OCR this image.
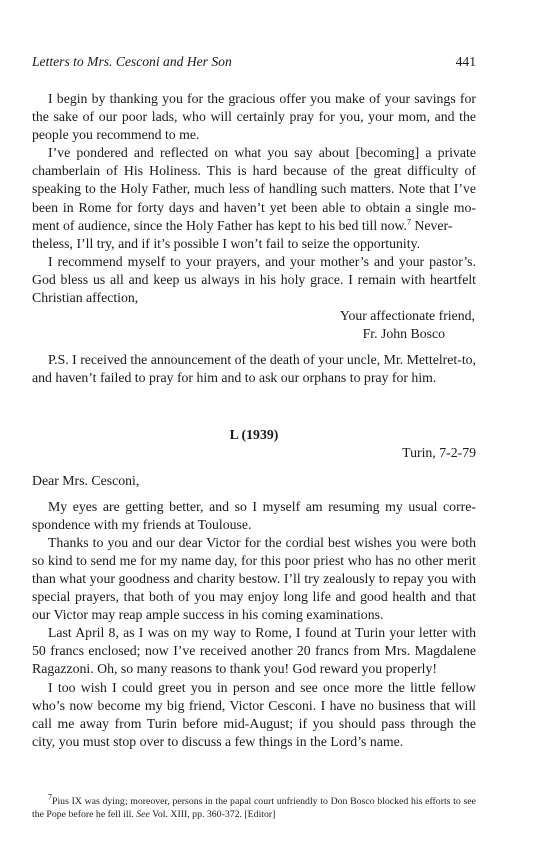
Letters to Mrs. Cesconi and Her Son	441

I begin by thanking you for the gracious offer you make of your savings for the sake of our poor lads, who will certainly pray for you, your mom, and the people you recommend to me.

I’ve pondered and reflected on what you say about [becoming] a private chamberlain of His Holiness. This is hard because of the great difficulty of speaking to the Holy Father, much less of handling such matters. Note that I’ve been in Rome for forty days and haven’t yet been able to obtain a single mo-ment of audience, since the Holy Father has kept to his bed till now.$^7$ Never-

theless, I’ll try, and if it’s possible I won’t fail to seize the opportunity.

I recommend myself to your prayers, and your mother’s and your pastor’s. God bless us all and keep us always in his holy grace. I remain with heartfelt Christian affection,

Your affectionate friend,
Fr. John Bosco

P.S. I received the announcement of the death of your uncle, Mr. Mettelret-to, and haven’t failed to pray for him and to ask our orphans to pray for him.

L (1939)
Turin, 7-2-79

Dear Mrs. Cesconi,

My eyes are getting better, and so I myself am resuming my usual corre-spondence with my friends at Toulouse.

Thanks to you and our dear Victor for the cordial best wishes you were both so kind to send me for my name day, for this poor priest who has no other merit than what your goodness and charity bestow. I’ll try zealously to repay you with special prayers, that both of you may enjoy long life and good health and that our Victor may reap ample success in his coming examinations.

Last April 8, as I was on my way to Rome, I found at Turin your letter with 50 francs enclosed; now I’ve received another 20 francs from Mrs. Magdalene Ragazzoni. Oh, so many reasons to thank you! God reward you properly!

I too wish I could greet you in person and see once more the little fellow who’s now become my big friend, Victor Cesconi. I have no business that will call me away from Turin before mid-August; if you should pass through the city, you must stop over to discuss a few things in the Lord’s name.

$^7$Pius IX was dying; moreover, persons in the papal court unfriendly to Don Bosco blocked his efforts to see the Pope before he fell ill. See Vol. XIII, pp. 360-372. [Editor]
